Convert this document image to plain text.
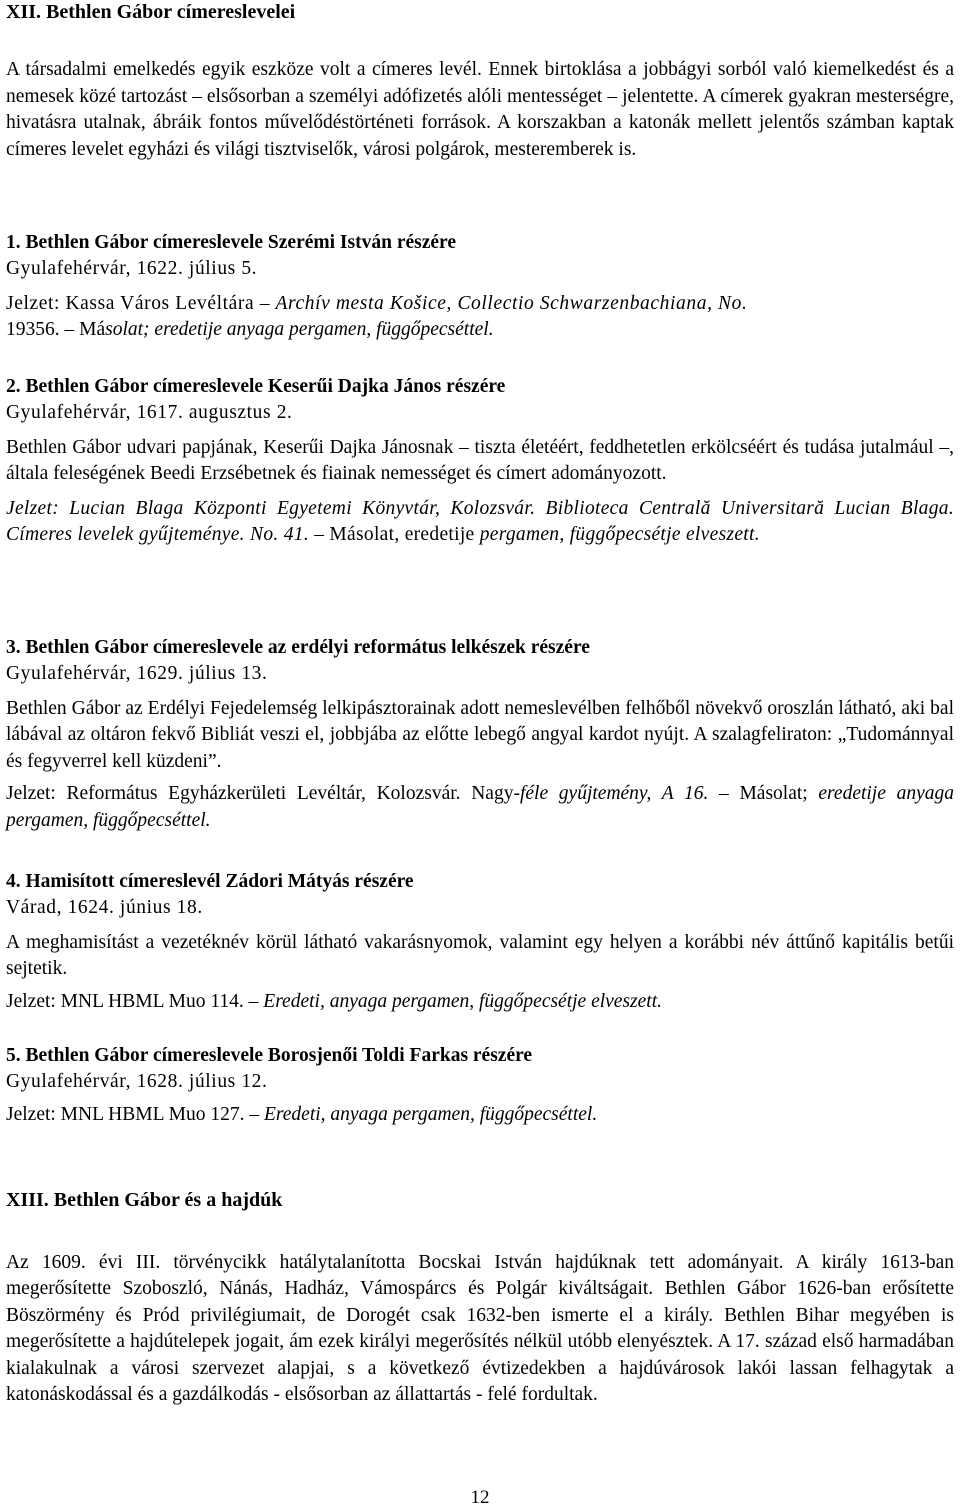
XII. Bethlen Gábor címereslevelei

A társadalmi emelkedés egyik eszköze volt a címeres levél. Ennek birtoklása a jobbágyi sorból való kiemelkedést és a nemesek közé tartozást – elsősorban a személyi adófizetés alóli mentességet – jelentette. A címerek gyakran mesterségre, hivatásra utalnak, ábráik fontos művelődéstörténeti források. A korszakban a katonák mellett jelentős számban kaptak címeres levelet egyházi és világi tisztviselők, városi polgárok, mesteremberek is.

1. Bethlen Gábor címereslevele Szerémi István részére

Gyulafehérvár, 1622. július 5.

Jelzet: Kassa Város Levéltára – Archív mesta Košice, Collectio Schwarzenbachiana, No.

19356. – Másolat; eredetije anyaga pergamen, függőpecséttel.

2. Bethlen Gábor címereslevele Keserűi Dajka János részére

Gyulafehérvár, 1617. augusztus 2.

Bethlen Gábor udvari papjának, Keserűi Dajka Jánosnak – tiszta életéért, feddhetetlen erkölcséért és tudása jutalmául –, általa feleségének Beedi Erzsébetnek és fiainak nemességet és címert adományozott.

Jelzet: Lucian Blaga Központi Egyetemi Könyvtár, Kolozsvár. Biblioteca Centrală Universitară Lucian Blaga. Címeres levelek gyűjteménye. No. 41. – Másolat, eredetije pergamen, függőpecsétje elveszett.

3. Bethlen Gábor címereslevele az erdélyi református lelkészek részére

Gyulafehérvár, 1629. július 13.

Bethlen Gábor az Erdélyi Fejedelemség lelkipásztorainak adott nemeslevélben felhőből növekvő oroszlán látható, aki bal lábával az oltáron fekvő Bibliát veszi el, jobbjába az előtte lebegő angyal kardot nyújt. A szalagfeliraton: „Tudománnyal és fegyverrel kell küzdeni”.

Jelzet: Református Egyházkerületi Levéltár, Kolozsvár. Nagy-féle gyűjtemény, A 16. – Másolat; eredetije anyaga pergamen, függőpecséttel.

4. Hamisított címereslevél Zádori Mátyás részére

Várad, 1624. június 18.

A meghamisítást a vezetéknév körül látható vakarásnyomok, valamint egy helyen a korábbi név áttűnő kapitális betűi sejtetik.

Jelzet: MNL HBML Muo 114. – Eredeti, anyaga pergamen, függőpecsétje elveszett.

5. Bethlen Gábor címereslevele Borosjenői Toldi Farkas részére

Gyulafehérvár, 1628. július 12.

Jelzet: MNL HBML Muo 127. – Eredeti, anyaga pergamen, függőpecséttel.

XIII. Bethlen Gábor és a hajdúk

Az 1609. évi III. törvénycikk hatálytalanította Bocskai István hajdúknak tett adományait. A király 1613-ban megerősítette Szoboszló, Nánás, Hadház, Vámospárcs és Polgár kiváltságait. Bethlen Gábor 1626-ban erősítette Böszörmény és Pród privilégiumait, de Dorogét csak 1632-ben ismerte el a király. Bethlen Bihar megyében is megerősítette a hajdútelepek jogait, ám ezek királyi megerősítés nélkül utóbb elenyésztek. A 17. század első harmadában kialakulnak a városi szervezet alapjai, s a következő évtizedekben a hajdúvárosok lakói lassan felhagytak a katonáskodással és a gazdálkodás - elsősorban az állattartás - felé fordultak.

12
